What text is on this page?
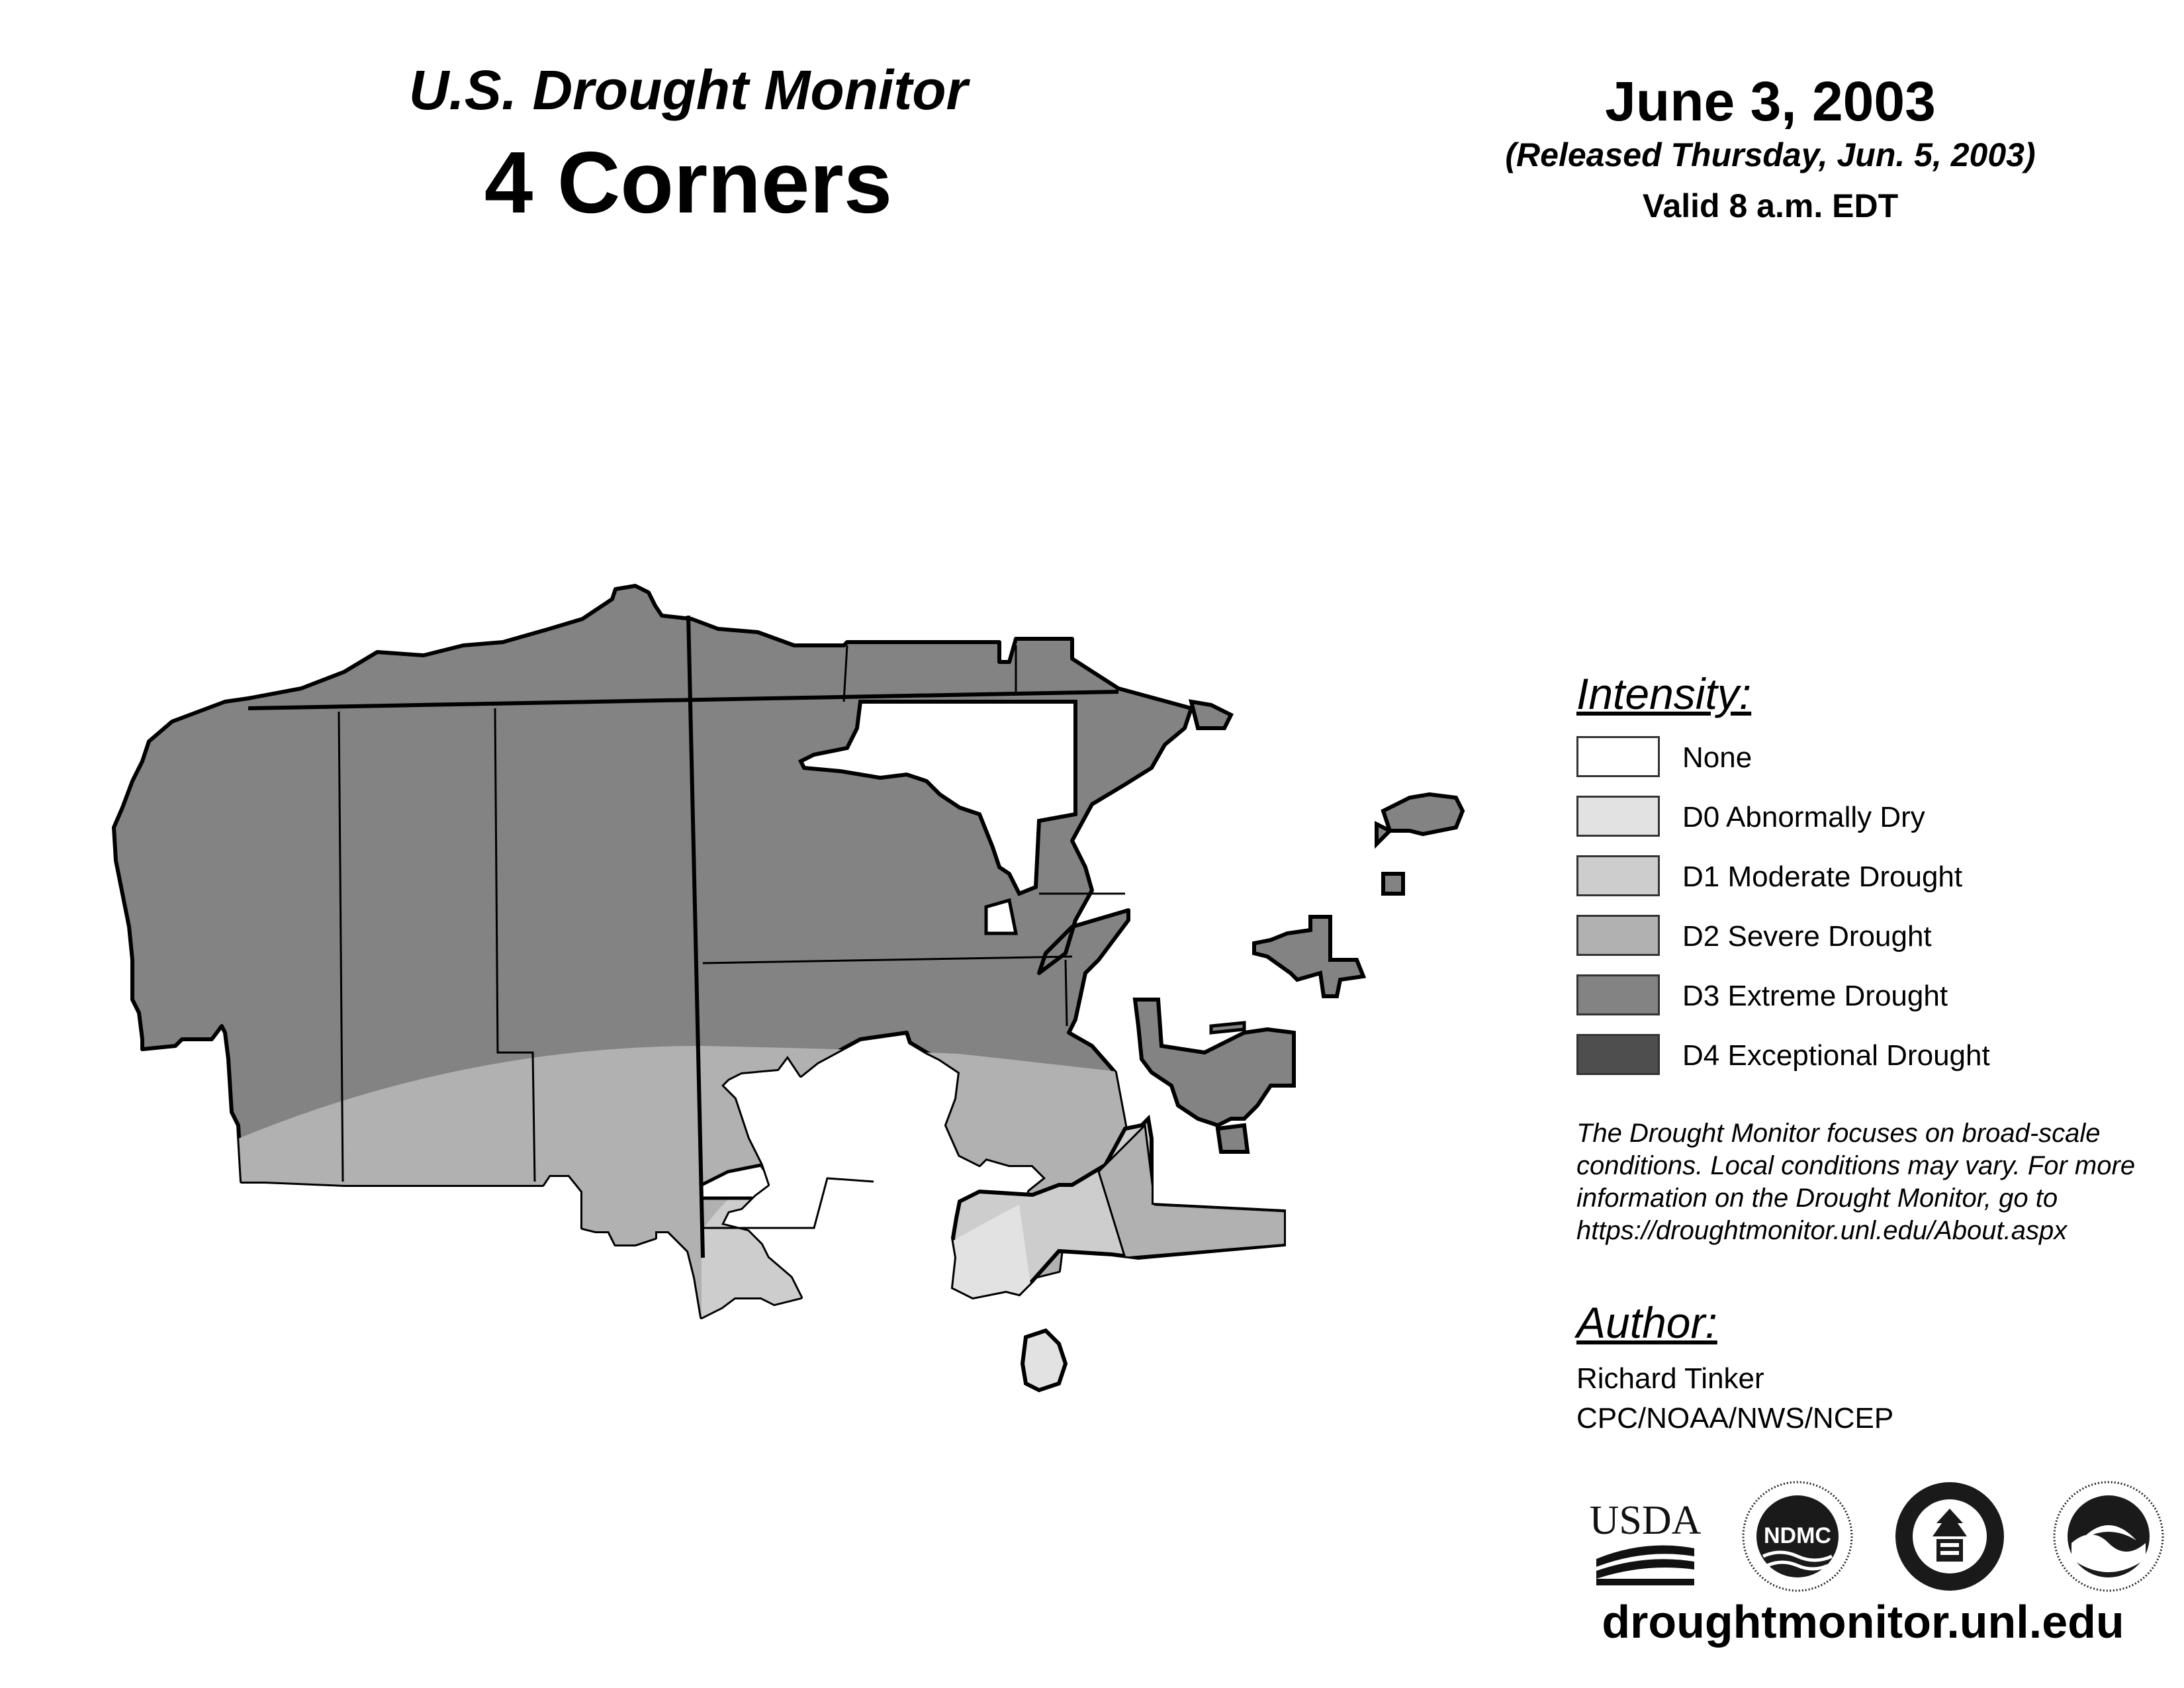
U.S. Drought Monitor
4 Corners
June 3, 2003
(Released Thursday, Jun. 5, 2003)
Valid 8 a.m. EDT
Intensity:
None
D0 Abnormally Dry
D1 Moderate Drought
D2 Severe Drought
D3 Extreme Drought
D4 Exceptional Drought
The Drought Monitor focuses on broad-scale conditions. Local conditions may vary. For more information on the Drought Monitor, go to https://droughtmonitor.unl.edu/About.aspx
Author:
Richard Tinker
CPC/NOAA/NWS/NCEP
USDA	NDMC
droughtmonitor.unl.edu
